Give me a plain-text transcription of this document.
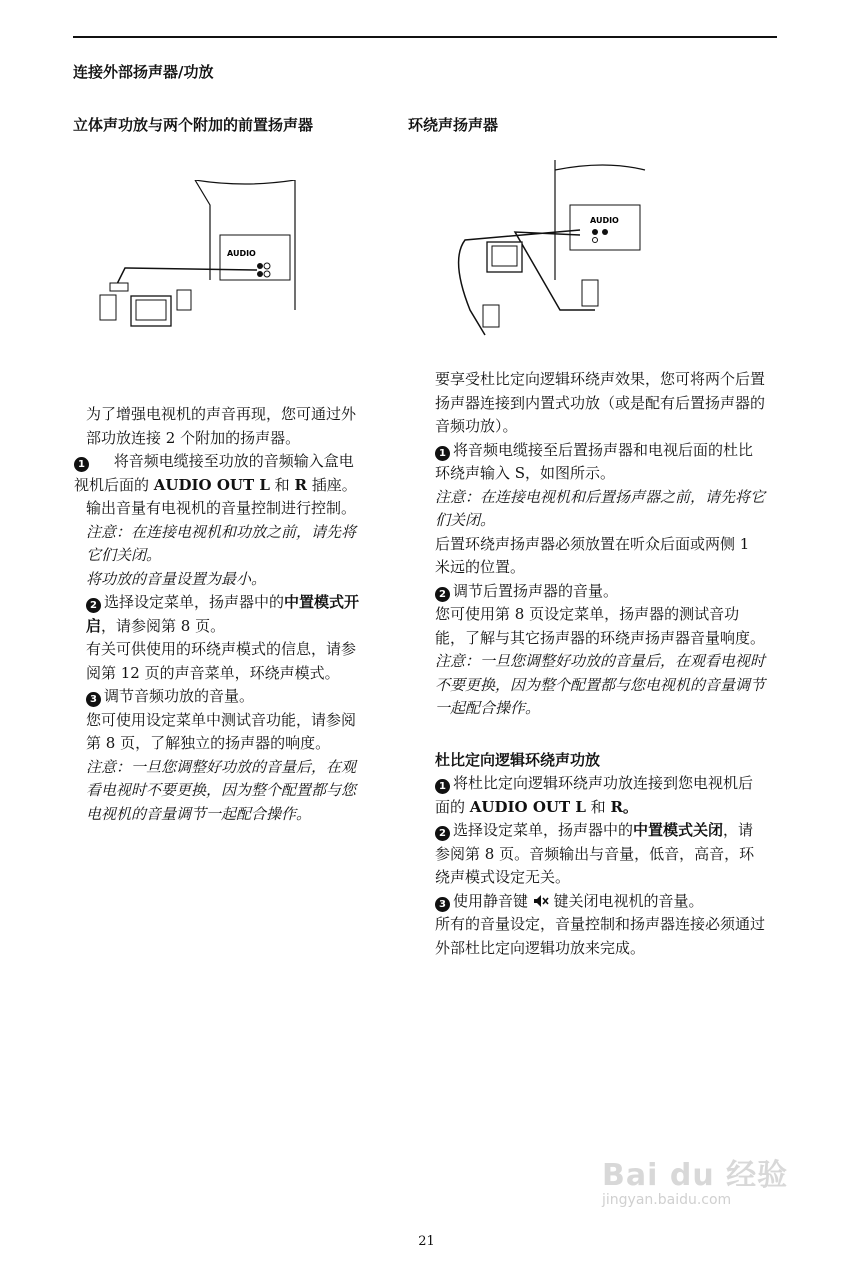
连接外部扬声器/功放
立体声功放与两个附加的前置扬声器	环绕声扬声器
AUDIO
AUDIO

为了增强电视机的声音再现，您可通过外部功放连接 2 个附加的扬声器。

1 将音频电缆接至功放的音频输入盒电视机后面的 AUDIO OUT L 和 R 插座。

输出音量有电视机的音量控制进行控制。

注意：在连接电视机和功放之前，请先将它们关闭。

将功放的音量设置为最小。

2 选择设定菜单，扬声器中的中置模式开启，请参阅第 8 页。

有关可供使用的环绕声模式的信息，请参阅第 12 页的声音菜单，环绕声模式。

3 调节音频功放的音量。

您可使用设定菜单中测试音功能，请参阅第 8 页，了解独立的扬声器的响度。

注意：一旦您调整好功放的音量后，在观看电视时不要更换，因为整个配置都与您电视机的音量调节一起配合操作。

要享受杜比定向逻辑环绕声效果，您可将两个后置扬声器连接到内置式功放（或是配有后置扬声器的音频功放）。

1 将音频电缆接至后置扬声器和电视后面的杜比环绕声输入 S，如图所示。

注意：在连接电视机和后置扬声器之前，请先将它们关闭。

后置环绕声扬声器必须放置在听众后面或两侧 1 米远的位置。

2 调节后置扬声器的音量。

您可使用第 8 页设定菜单，扬声器的测试音功能，了解与其它扬声器的环绕声扬声器音量响度。

注意：一旦您调整好功放的音量后，在观看电视时不要更换，因为整个配置都与您电视机的音量调节一起配合操作。

杜比定向逻辑环绕声功放

1 将杜比定向逻辑环绕声功放连接到您电视机后面的 AUDIO OUT L 和 R。

2 选择设定菜单，扬声器中的中置模式关闭，请参阅第 8 页。音频输出与音量，低音，高音，环绕声模式设定无关。

3 使用静音键  键关闭电视机的音量。

所有的音量设定，音量控制和扬声器连接必须通过外部杜比定向逻辑功放来完成。

Bai du 经验
jingyan.baidu.com
21
